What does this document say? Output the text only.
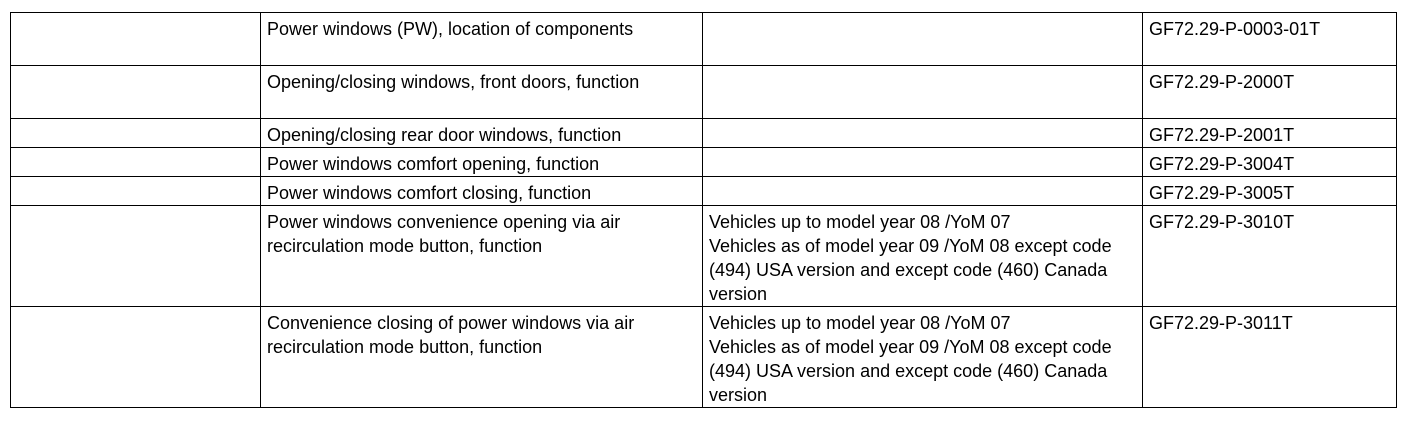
	Power windows (PW), location of components		GF72.29-P-0003-01T
	Opening/closing windows, front doors, function		GF72.29-P-2000T
	Opening/closing rear door windows, function		GF72.29-P-2001T
	Power windows comfort opening, function		GF72.29-P-3004T
	Power windows comfort closing, function		GF72.29-P-3005T
	Power windows convenience opening via air recirculation mode button, function	Vehicles up to model year 08 /YoM 07
Vehicles as of model year 09 /YoM 08 except code (494) USA version and except code (460) Canada version	GF72.29-P-3010T
	Convenience closing of power windows via air recirculation mode button, function	Vehicles up to model year 08 /YoM 07
Vehicles as of model year 09 /YoM 08 except code (494) USA version and except code (460) Canada version	GF72.29-P-3011T
